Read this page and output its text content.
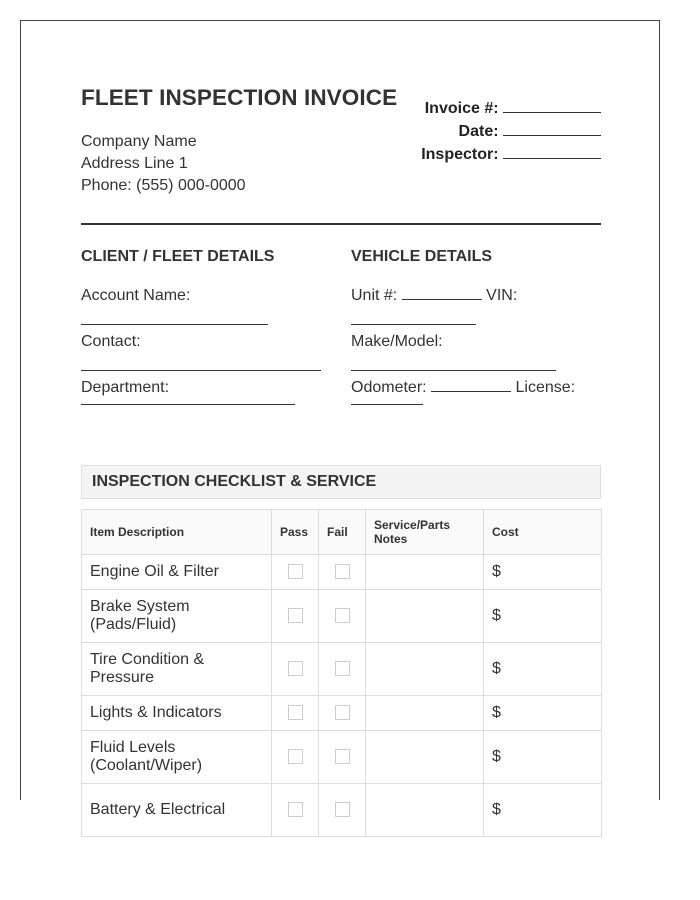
FLEET INSPECTION INVOICE
Company Name
Address Line 1
Phone: (555) 000-0000
Invoice #:
Date:
Inspector:
CLIENT / FLEET DETAILS
Account Name:
Contact:
Department:
VEHICLE DETAILS
Unit #:	VIN:
Make/Model:
Odometer:	License:
INSPECTION CHECKLIST & SERVICE
Item Description	Pass	Fail	Service/Parts Notes	Cost
Engine Oil & Filter				$
Brake System (Pads/Fluid)				$
Tire Condition & Pressure				$
Lights & Indicators				$
Fluid Levels (Coolant/Wiper)				$
Battery & Electrical				$
